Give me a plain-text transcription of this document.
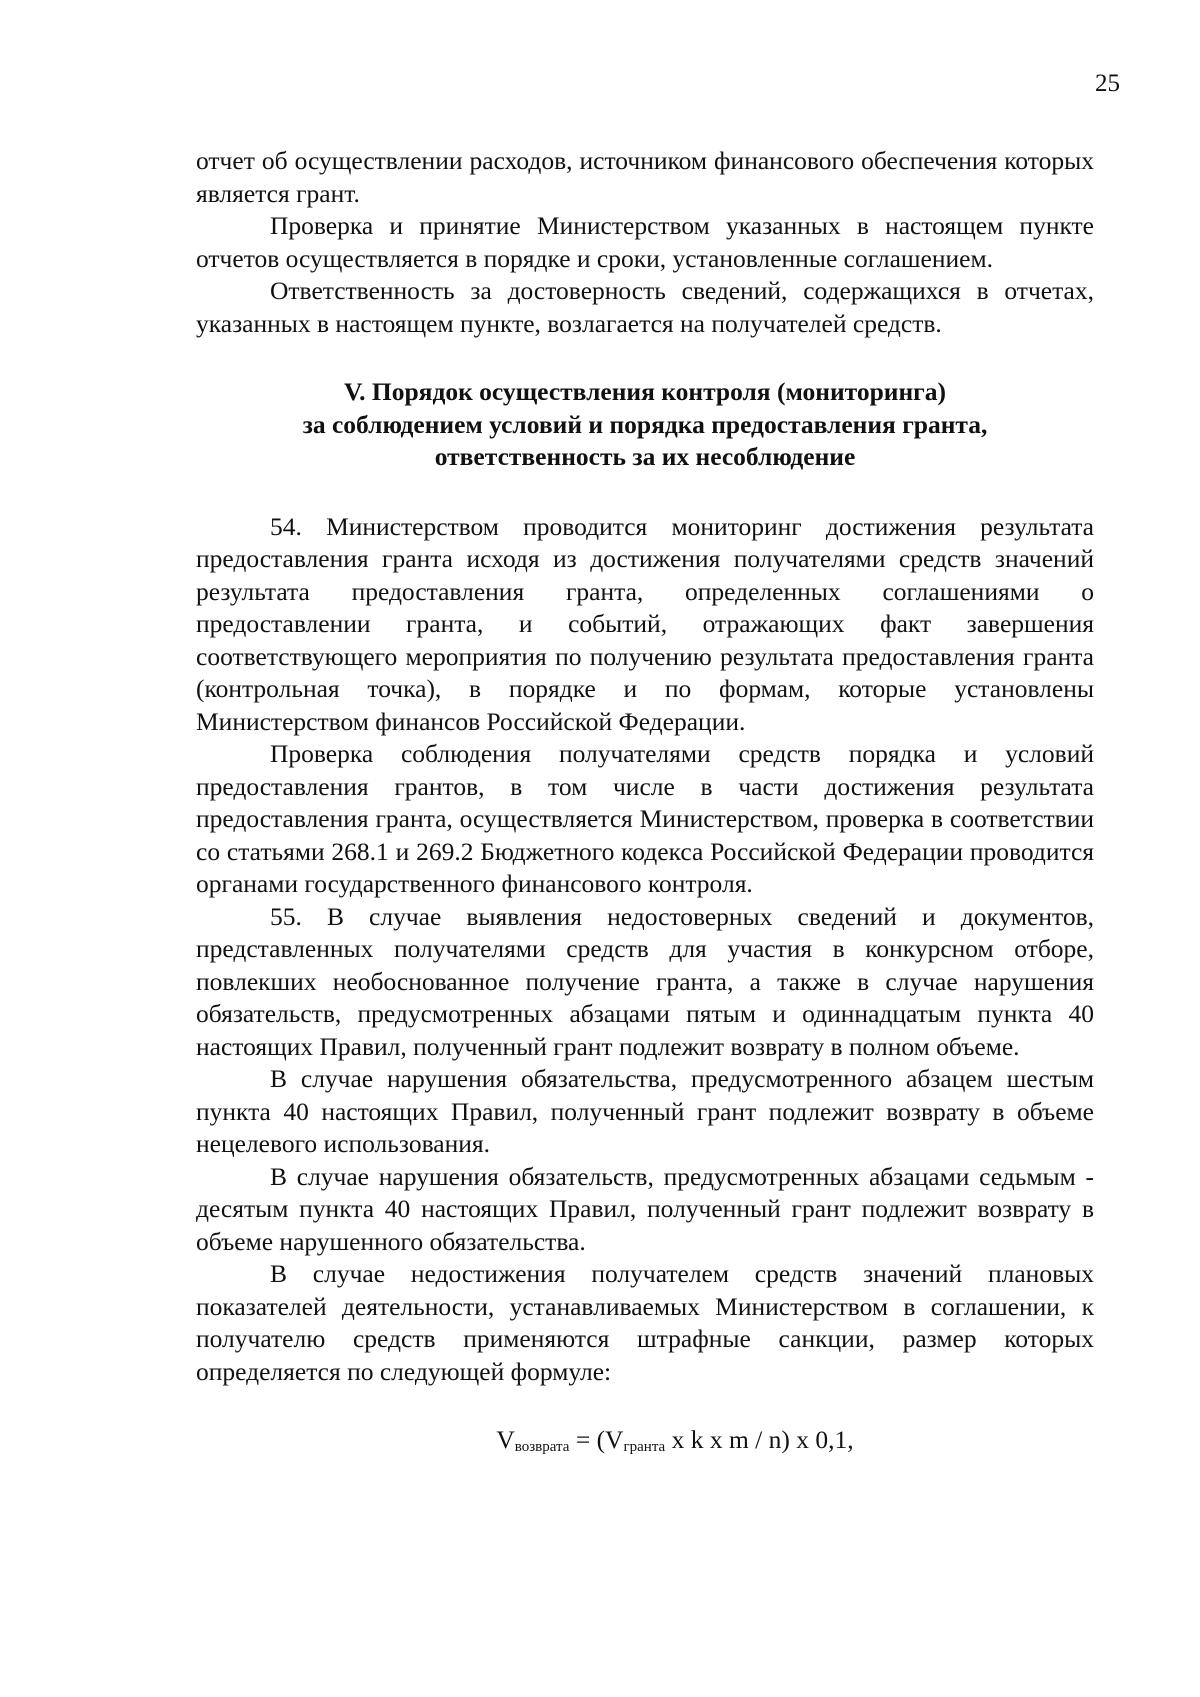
25

отчет об осуществлении расходов, источником финансового обеспечения которых является грант.

Проверка и принятие Министерством указанных в настоящем пункте отчетов осуществляется в порядке и сроки, установленные соглашением.

Ответственность за достоверность сведений, содержащихся в отчетах, указанных в настоящем пункте, возлагается на получателей средств.

V. Порядок осуществления контроля (мониторинга)
за соблюдением условий и порядка предоставления гранта,
ответственность за их несоблюдение

54. Министерством проводится мониторинг достижения результата предоставления гранта исходя из достижения получателями средств значений результата предоставления гранта, определенных соглашениями о предоставлении гранта, и событий, отражающих факт завершения соответствующего мероприятия по получению результата предоставления гранта (контрольная точка), в порядке и по формам, которые установлены Министерством финансов Российской Федерации.

Проверка соблюдения получателями средств порядка и условий предоставления грантов, в том числе в части достижения результата предоставления гранта, осуществляется Министерством, проверка в соответствии со статьями 268.1 и 269.2 Бюджетного кодекса Российской Федерации проводится органами государственного финансового контроля.

55. В случае выявления недостоверных сведений и документов, представленных получателями средств для участия в конкурсном отборе, повлекших необоснованное получение гранта, а также в случае нарушения обязательств, предусмотренных абзацами пятым и одиннадцатым пункта 40 настоящих Правил, полученный грант подлежит возврату в полном объеме.

В случае нарушения обязательства, предусмотренного абзацем шестым пункта 40 настоящих Правил, полученный грант подлежит возврату в объеме нецелевого использования.

В случае нарушения обязательств, предусмотренных абзацами седьмым - десятым пункта 40 настоящих Правил, полученный грант подлежит возврату в объеме нарушенного обязательства.

В случае недостижения получателем средств значений плановых показателей деятельности, устанавливаемых Министерством в соглашении, к получателю средств применяются штрафные санкции, размер которых определяется по следующей формуле:

$V_{возврата} = (V_{гранта}$ x k x m / n) x 0,1,
